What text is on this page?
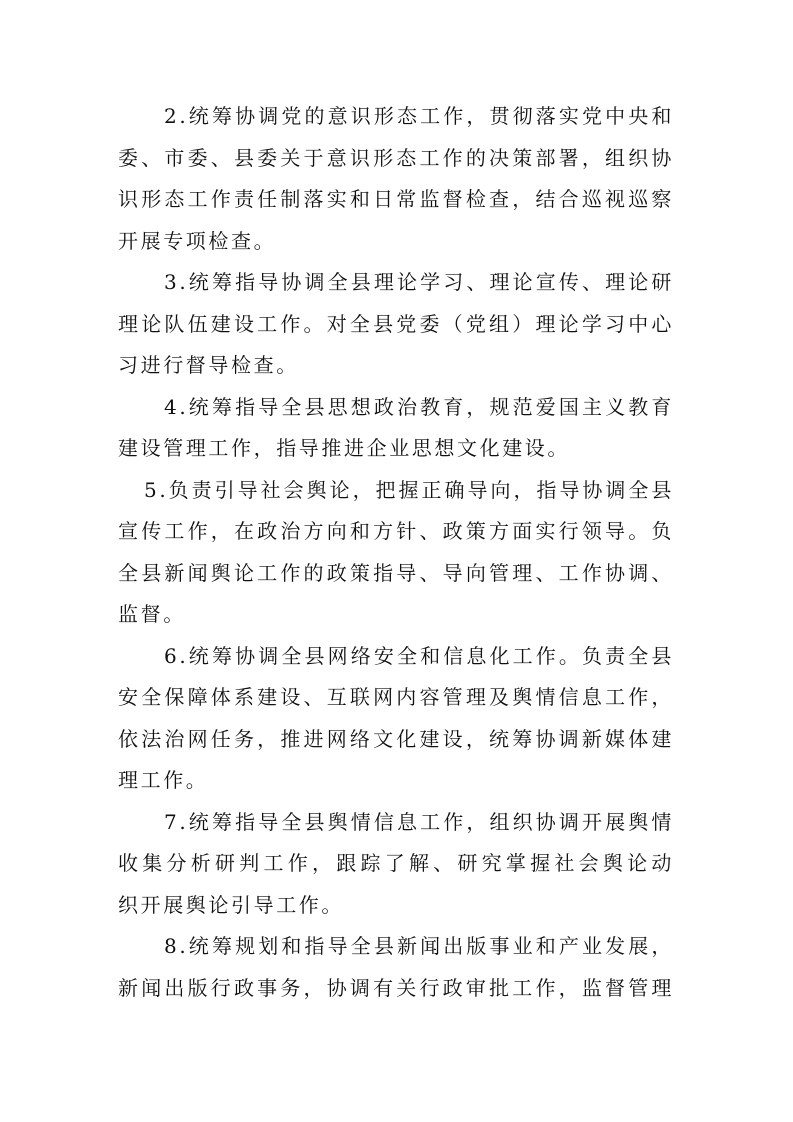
2.统筹协调党的意识形态工作，贯彻落实党中央和
委、市委、县委关于意识形态工作的决策部署，组织协
识形态工作责任制落实和日常监督检查，结合巡视巡察
开展专项检查。
3.统筹指导协调全县理论学习、理论宣传、理论研
理论队伍建设工作。对全县党委（党组）理论学习中心
习进行督导检查。
4.统筹指导全县思想政治教育，规范爱国主义教育
建设管理工作，指导推进企业思想文化建设。
5.负责引导社会舆论，把握正确导向，指导协调全县
宣传工作，在政治方向和方针、政策方面实行领导。负
全县新闻舆论工作的政策指导、导向管理、工作协调、
监督。
6.统筹协调全县网络安全和信息化工作。负责全县
安全保障体系建设、互联网内容管理及舆情信息工作，
依法治网任务，推进网络文化建设，统筹协调新媒体建
理工作。
7.统筹指导全县舆情信息工作，组织协调开展舆情
收集分析研判工作，跟踪了解、研究掌握社会舆论动
织开展舆论引导工作。
8.统筹规划和指导全县新闻出版事业和产业发展，
新闻出版行政事务，协调有关行政审批工作，监督管理
